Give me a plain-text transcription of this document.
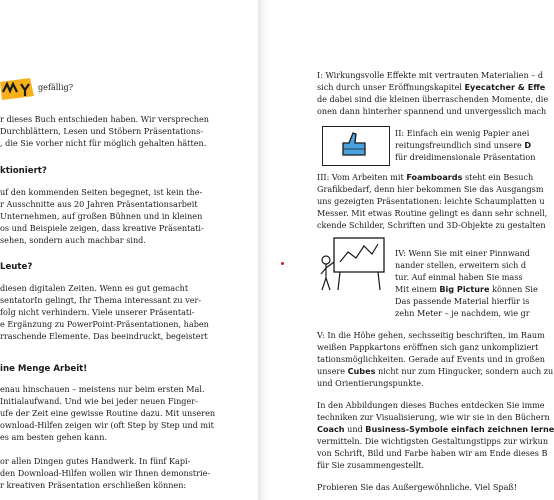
gefällig?
r dieses Buch entschieden haben. Wir versprechen
Durchblättern, Lesen und Stöbern Präsentations-
, die Sie vorher nicht für möglich gehalten hätten.
ktioniert?
uf den kommenden Seiten begegnet, ist kein the-
r Ausschnitte aus 20 Jahren Präsentationsarbeit
Unternehmen, auf großen Bühnen und in kleinen
os und Beispiele zeigen, dass kreative Präsentati-
sehen, sondern auch machbar sind.
Leute?
diesen digitalen Zeiten. Wenn es gut gemacht
sentatorIn gelingt, Ihr Thema interessant zu ver-
folg nicht verhindern. Viele unserer Präsentati-
e Ergänzung zu PowerPoint-Präsentationen, haben
rraschende Elemente. Das beeindruckt, begeistert
ine Menge Arbeit!
enau hinschauen – meistens nur beim ersten Mal.
Initialaufwand. Und wie bei jeder neuen Finger-
ufe der Zeit eine gewisse Routine dazu. Mit unseren
ownload-Hilfen zeigen wir (oft Step by Step und mit
es am besten gehen kann.
or allen Dingen gutes Handwerk. In fünf Kapi-
den Download-Hilfen wollen wir Ihnen demonstrie-
r kreativen Präsentation erschließen können:
I: Wirkungsvolle Effekte mit vertrauten Materialien – d
sich durch unser Eröffnungskapitel Eyecatcher & Effe
de dabei sind die kleinen überraschenden Momente, die
onen dann hinterher spannend und unvergesslich mach
II: Einfach ein wenig Papier anei
reitungsfreundlich sind unsere D
für dreidimensionale Präsentation
III: Vom Arbeiten mit Foamboards steht ein Besuch
Grafikbedarf, denn hier bekommen Sie das Ausgangsm
uns gezeigten Präsentationen: leichte Schaumplatten u
Messer. Mit etwas Routine gelingt es dann sehr schnell,
ckende Schilder, Schriften und 3D-Objekte zu gestalten
IV: Wenn Sie mit einer Pinnwand
nander stellen, erweitern sich d
tur. Auf einmal haben Sie mass
Mit einem Big Picture können Sie
Das passende Material hierfür is
zehn Meter – je nachdem, wie gr
V: In die Höhe gehen, sechsseitig beschriften, im Raum
weißen Pappkartons eröffnen sich ganz unkompliziert
tationsmöglichkeiten. Gerade auf Events und in großen
unsere Cubes nicht nur zum Hingucker, sondern auch zu
und Orientierungspunkte.
In den Abbildungen dieses Buches entdecken Sie imme
techniken zur Visualisierung, wie wir sie in den Büchern
Coach und Business-Symbole einfach zeichnen lerne
vermitteln. Die wichtigsten Gestaltungstipps zur wirkun
von Schrift, Bild und Farbe haben wir am Ende dieses B
für Sie zusammengestellt.
Probieren Sie das Außergewöhnliche. Viel Spaß!
